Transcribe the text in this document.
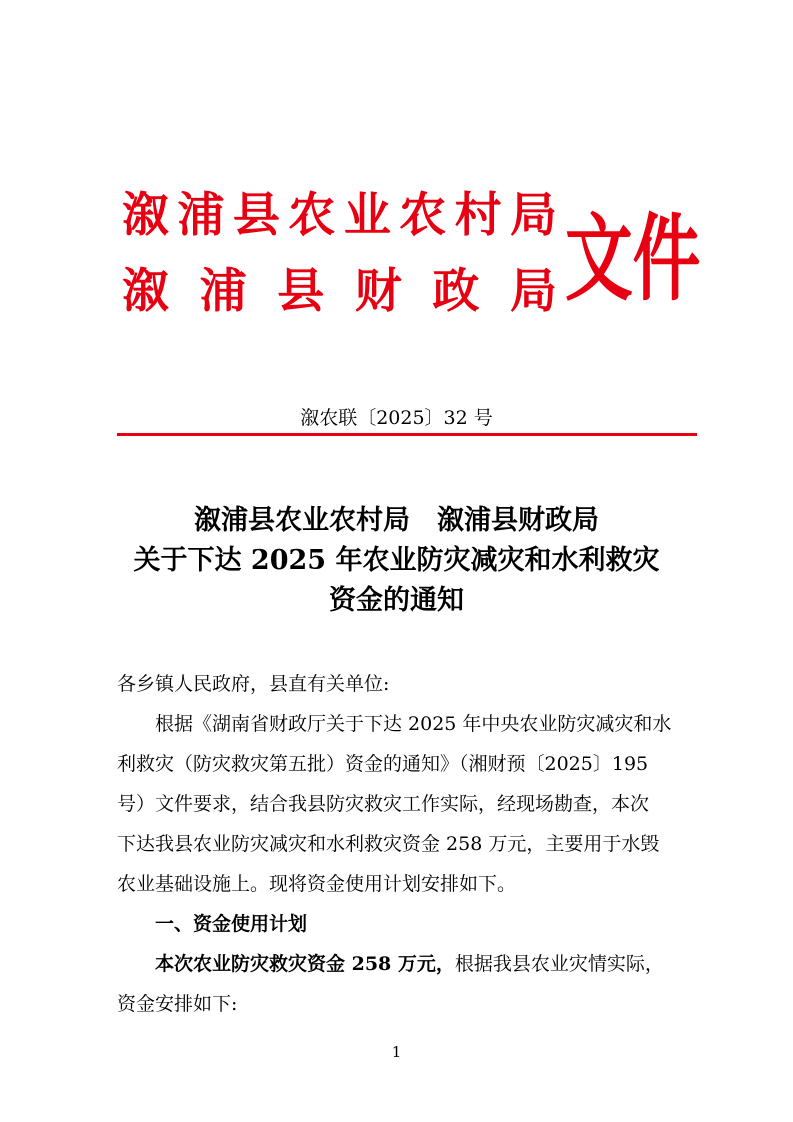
溆浦县农业农村局
溆浦县财政局 文件
溆农联〔2025〕32 号
溆浦县农业农村局　溆浦县财政局
关于下达 2025 年农业防灾减灾和水利救灾
资金的通知

各乡镇人民政府，县直有关单位:

根据《湖南省财政厅关于下达 2025 年中央农业防灾减灾和水

利救灾（防灾救灾第五批）资金的通知》（湘财预〔2025〕195

号）文件要求，结合我县防灾救灾工作实际，经现场勘查，本次

下达我县农业防灾减灾和水利救灾资金 258 万元，主要用于水毁

农业基础设施上。现将资金使用计划安排如下。

一、资金使用计划

本次农业防灾救灾资金 258 万元，根据我县农业灾情实际，

资金安排如下:

1
